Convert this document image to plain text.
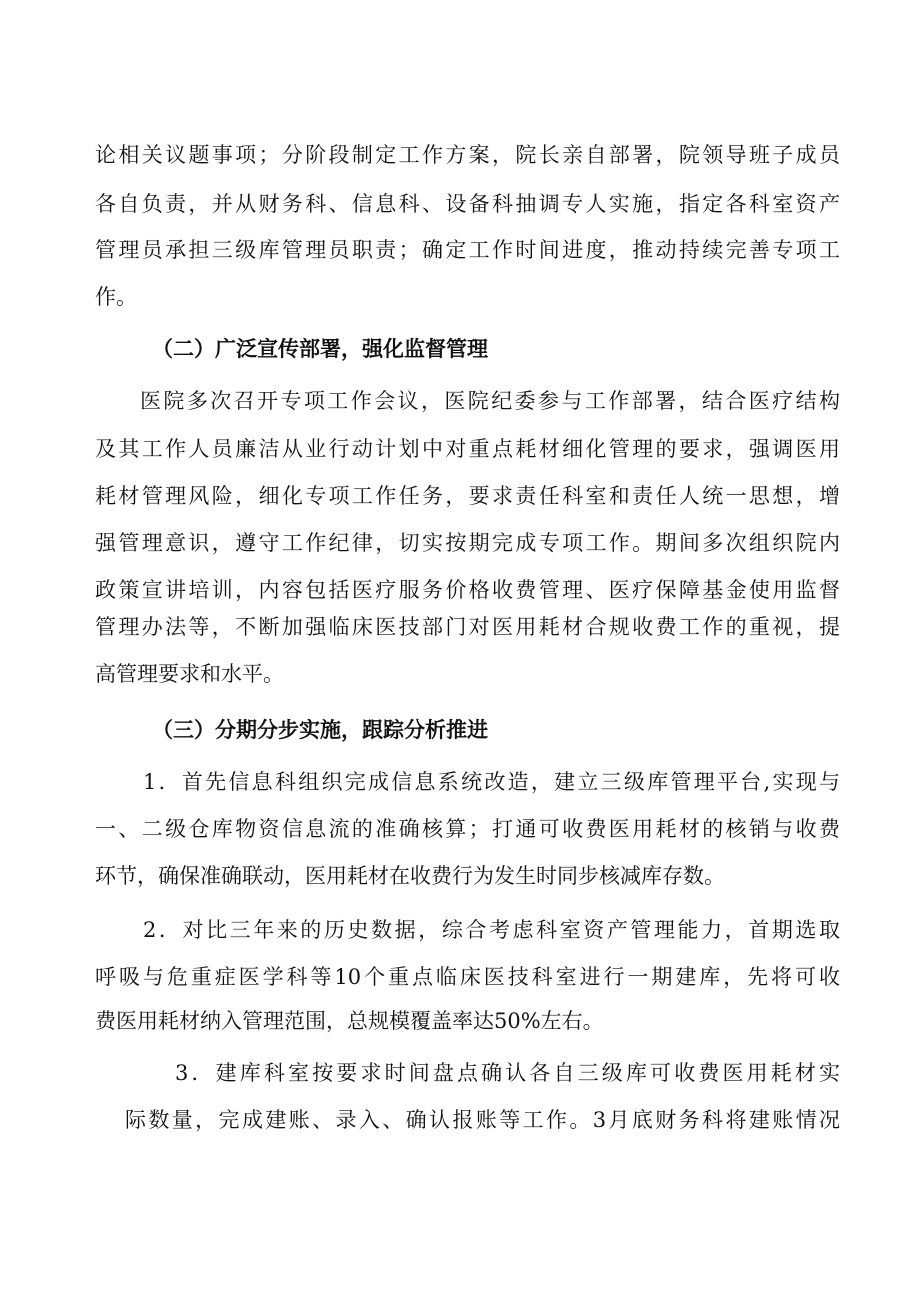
论相关议题事项；分阶段制定工作方案，院长亲自部署，院领导班子成员
各自负责，并从财务科、信息科、设备科抽调专人实施，指定各科室资产
管理员承担三级库管理员职责；确定工作时间进度，推动持续完善专项工
作。
（二）广泛宣传部署，强化监督管理
医院多次召开专项工作会议，医院纪委参与工作部署，结合医疗结构
及其工作人员廉洁从业行动计划中对重点耗材细化管理的要求，强调医用
耗材管理风险，细化专项工作任务，要求责任科室和责任人统一思想，增
强管理意识，遵守工作纪律，切实按期完成专项工作。期间多次组织院内
政策宣讲培训，内容包括医疗服务价格收费管理、医疗保障基金使用监督
管理办法等，不断加强临床医技部门对医用耗材合规收费工作的重视，提
高管理要求和水平。
（三）分期分步实施，跟踪分析推进
1．首先信息科组织完成信息系统改造，建立三级库管理平台,实现与
一、二级仓库物资信息流的准确核算；打通可收费医用耗材的核销与收费
环节，确保准确联动，医用耗材在收费行为发生时同步核减库存数。
2．对比三年来的历史数据，综合考虑科室资产管理能力，首期选取
呼吸与危重症医学科等10个重点临床医技科室进行一期建库，先将可收
费医用耗材纳入管理范围，总规模覆盖率达50%左右。
3．建库科室按要求时间盘点确认各自三级库可收费医用耗材实
际数量，完成建账、录入、确认报账等工作。3月底财务科将建账情况
